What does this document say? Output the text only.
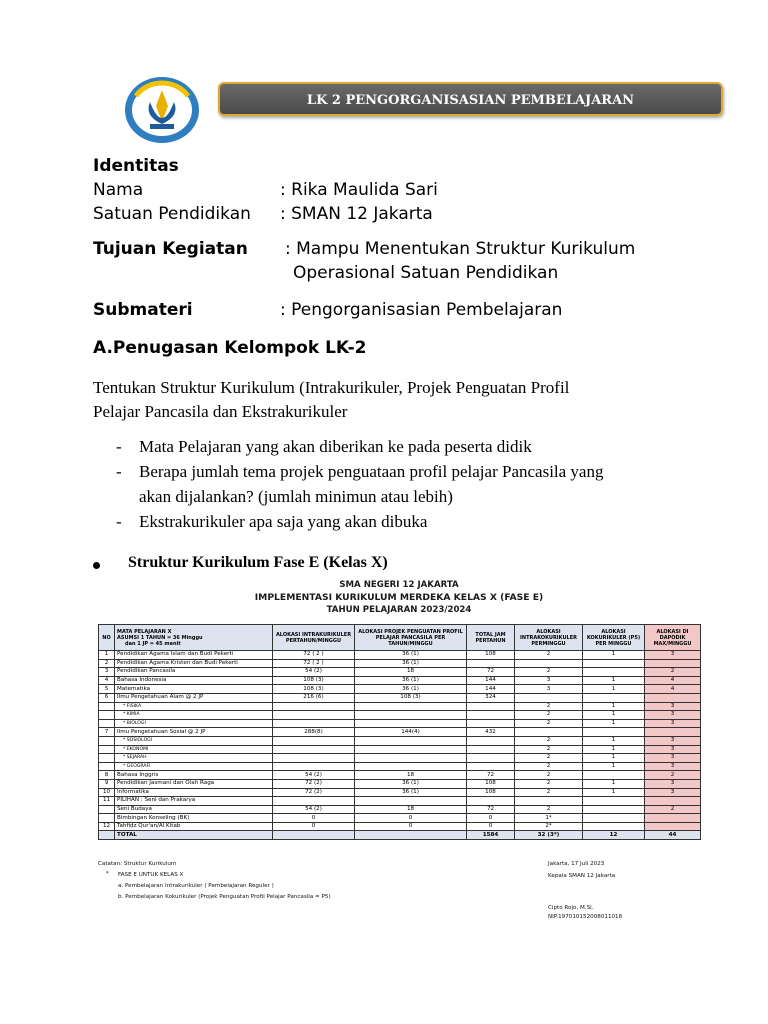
LK 2 PENGORGANISASIAN PEMBELAJARAN
Identitas
Nama	: Rika Maulida Sari
Satuan Pendidikan : SMAN 12 Jakarta
Tujuan Kegiatan : Mampu Menentukan Struktur Kurikulum
Operasional Satuan Pendidikan
Submateri	: Pengorganisasian Pembelajaran
A.Penugasan Kelompok LK-2
Tentukan Struktur Kurikulum (Intrakurikuler, Projek Penguatan Profil
Pelajar Pancasila dan Ekstrakurikuler
- Mata Pelajaran yang akan diberikan ke pada peserta didik
- Berapa jumlah tema projek penguataan profil pelajar Pancasila yang
akan dijalankan? (jumlah minimun atau lebih)
- Ekstrakurikuler apa saja yang akan dibuka
Struktur Kurikulum Fase E (Kelas X)
SMA NEGERI 12 JAKARTA
IMPLEMENTASI KURIKULUM MERDEKA KELAS X (FASE E)
TAHUN PELAJARAN 2023/2024
NO	MATA PELAJARAN X
ASUMSI 1 TAHUN = 36 Minggu
dan 1 JP = 45 menit	ALOKASI INTRAKURIKULER PERTAHUN/MINGGU	ALOKASI PROJEK PENGUATAN PROFIL PELAJAR PANCASILA PER TAHUN/MINGGU	TOTAL JAM PERTAHUN	ALOKASI INTRAKOKURIKULER PERMINGGU	ALOKASI KOKURIKULER (P5) PER MINGGU	ALOKASI DI DAPODIK MAX/MINGGU
1	Pendidikan Agama Islam dan Budi Pekerti	72 ( 2 )	36 (1)	108	2	1	3
2	Pendidikan Agama Kristen dan Budi Pekerti	72 ( 2 )	36 (1)				
3	Pendidikan Pancasila	54 (2)	18	72	2		2
4	Bahasa Indonesia	108 (3)	36 (1)	144	3	1	4
5	Matematika	108 (3)	36 (1)	144	3	1	4
6	Ilmu Pengetahuan Alam @ 2 JP	216 (6)	108 (3)	324			
	* FISIKA				2	1	3
	* KIMIA				2	1	3
	* BIOLOGI				2	1	3
7	Ilmu Pengetahuan Sosial @ 2 JP	288(8)	144(4)	432			
	* SOSIOLOGI				2	1	3
	* EKONOMI				2	1	3
	* SEJARAH				2	1	3
	* GEOGRAFI				2	1	3
8	Bahasa Inggris	54 (2)	18	72	2		2
9	Pendidikan Jasmani dan Olah Raga	72 (2)	36 (1)	108	2	1	3
10	Informatika	72 (2)	36 (1)	108	2	1	3
11	PILIHAN : Seni dan Prakarya						
	Seni Budaya	54 (2)	18	72	2		2
	Bimbingan Konseling (BK)	0	0	0	1*		
12	Tahfidz Qur'an/Al Kitab	0	0	0	2*		
	TOTAL			1584	32 (3*)	12	44
Catatan: Struktur Kurikulum
* FASE E UNTUK KELAS X
a. Pembelajaran Intrakurikuler ( Pembelajaran Reguler )
b. Pembelajaran Kokurikuler (Projek Penguatan Profil Pelajar Pancasila = P5)
Jakarta, 17 Juli 2023
Kepala SMAN 12 Jakarta
Cipto Rojo, M.Si.
NIP.197010152008011018
